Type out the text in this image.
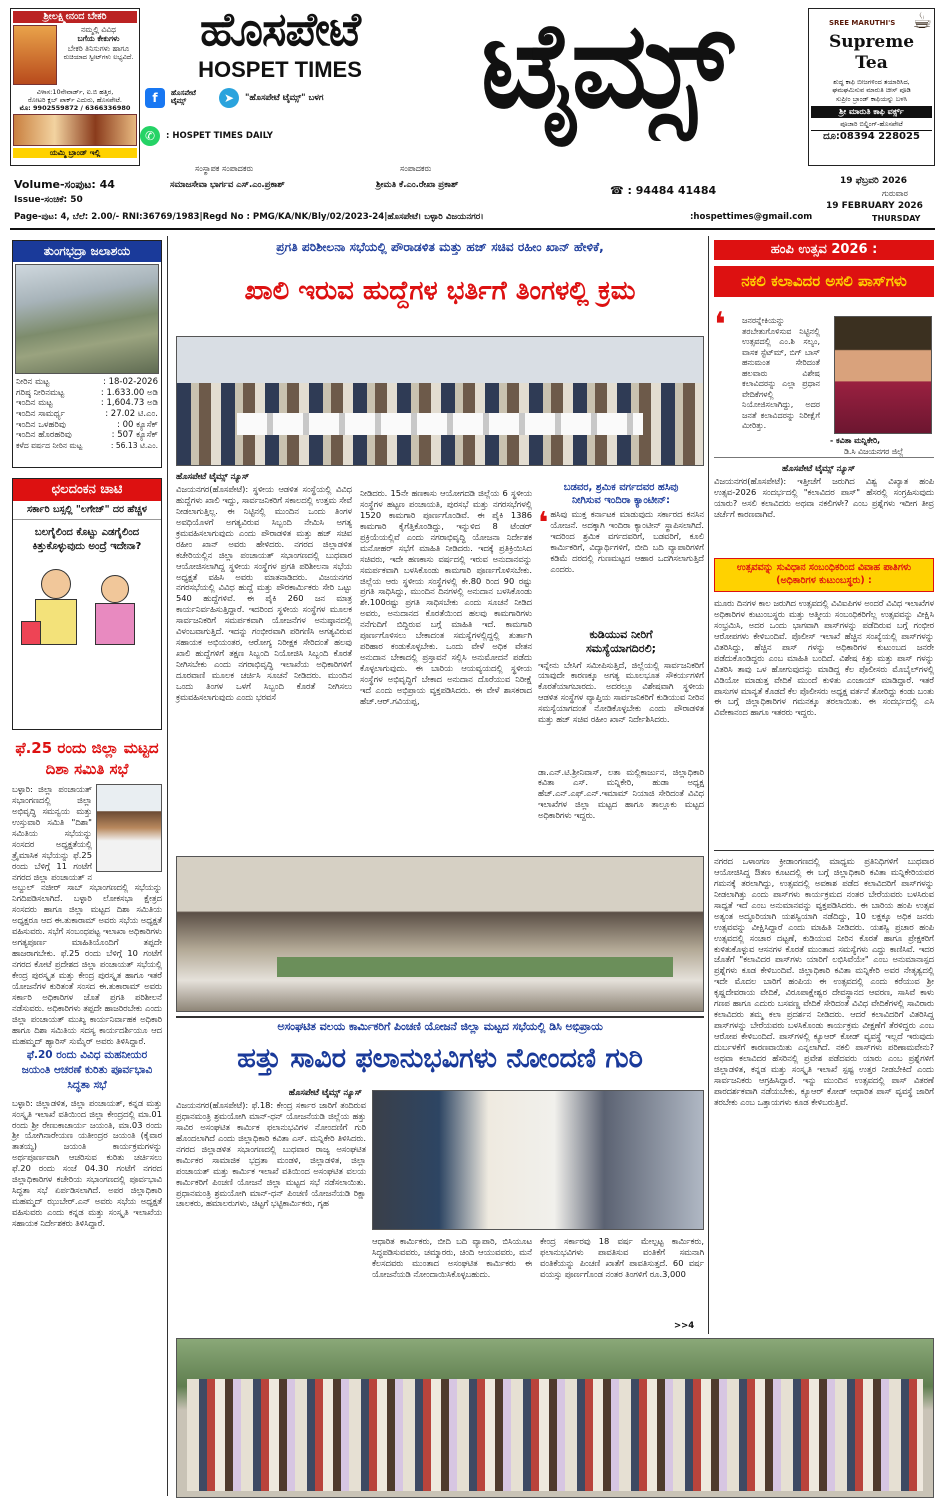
ಶ್ರೀಲಕ್ಷ್ಮೀನಂದ ಬೇಕರಿ
ನಮ್ಮಲ್ಲಿ ವಿವಿಧ
ಬಗೆಯ ಕೇಕುಗಳು
ಬೇಕರಿ ತಿನಿಸುಗಳು ಹಾಗೂ
ರುಚಿಯಾದ ಸ್ವೀಟ್‌ಗಳು ಲಭ್ಯವಿದೆ.
ವಿಳಾಸ:10ನೇವಾರ್ಡ್, ಐ.ಬಿ ಹತ್ತಿರ,
ರೋಟರಿ ಕ್ಲಬ್ ಪಾರ್ಕ್ ಎದುರು, ಹೊಸಪೇಟೆ.
ಮೊ: 9902559872 / 6366336980
ಯಮ್ಮಿ ಬ್ರಾಂಡ್ ಇಲ್ಲಿ
ಹೊಸಪೇಟೆ
HOSPET TIMES
f	ಹೊಸಪೇಟೆ ಟೈಮ್ಸ್	➤	"ಹೊಸಪೇಟೆ ಟೈಮ್ಸ್" ಬಳಗ
✆	: HOSPET TIMES DAILY
ಟೈಮ್ಸ್	☕
SREE MARUTHI'S
Supreme Tea
ಶುದ್ಧ ಕಾಫಿ ಬೀಜಗಳಿಂದ ತಯಾರಿಸಿದ,
ಘಮಘಮಿಸುವ ಮಾರುತಿ ಚೀಸ್ ಪೂಡಿ
ಸುಪ್ರೀಂ ಬ್ರಾಂಡ್ ಕಾಫಿಯನ್ನು ಬಳಸಿ
ಶ್ರೀ ಮಾರುತಿ ಕಾಫಿ ವರ್ಕ್ಸ್
ಪೂಜಾರಿ ಬಿಲ್ಡಿಂಗ್-ಹೊಸಪೇಟೆ
ದೂ:08394 228025
ಸಂಸ್ಥಾಪಕ ಸಂಪಾದಕರು	ಸಂಪಾದಕರು
Volume-ಸಂಪುಟ: 44	ಸಮಾಜಸೇವಾ ಭಾರ್ಗವ ಎಸ್.ಎಂ.ಪ್ರಕಾಶ್	ಶ್ರೀಮತಿ ಕೆ.ಎಂ.ರೇಖಾ ಪ್ರಕಾಶ್	☎ : 94484 41484
19 ಫೆಬ್ರವರಿ 2026
ಗುರುವಾರ
Issue-ಸಂಚಿಕೆ: 50
19 FEBRUARY 2026
THURSDAY
Page-ಪುಟ: 4, ಬೆಲೆ: 2.00/- RNI:36769/1983|Regd No : PMG/KA/NK/Bly/02/2023-24|ಹೊಸಪೇಟೆ। ಬಳ್ಳಾರಿ ವಿಜಯನಗರ।	:hospettimes@gmail.com
ತುಂಗಭದ್ರಾ ಜಲಾಶಯ
ನೀರಿನ ಮಟ್ಟ	: 18-02-2026
ಗರಿಷ್ಠ ನೀರಿನಮಟ್ಟ	: 1.633.00 ಅಡಿ
ಇಂದಿನ ಮಟ್ಟ	: 1,604.73 ಅಡಿ
ಇಂದಿನ ಸಾಮರ್ಥ್ಯ	: 27.02 ಟಿ.ಎಂ.
ಇಂದಿನ ಒಳಹರಿವು	: 00 ಕ್ಯೂಸೆಕ್
ಇಂದಿನ ಹೊರಹರಿವು	: 507 ಕ್ಯೂಸೆಕ್
ಕಳೆದ ವರ್ಷದ ನೀರಿನ ಮಟ್ಟ	: 56.13 ಟಿ.ಎಂ.
ಛಲದಂಕನ ಚಾಟಿ
ಸರ್ಕಾರಿ ಬಸ್ಸಲ್ಲಿ "ಲಗೇಜ್" ದರ ಹೆಚ್ಚಳ
ಬಲಗೈಲಿಂದ ಕೊಟ್ಟು ಎಡಗೈಲಿಂದ ಕಿತ್ತುಕೊಳ್ಳುವುದು ಅಂದ್ರೆ ಇದೇನಾ?
ಫೆ.25 ರಂದು ಜಿಲ್ಲಾ ಮಟ್ಟದ ದಿಶಾ ಸಮಿತಿ ಸಭೆ
ಬಳ್ಳಾರಿ: ಜಿಲ್ಲಾ ಪಂಚಾಯತ್ ಸಭಾಂಗಣದಲ್ಲಿ ಜಿಲ್ಲಾ ಅಭಿವೃದ್ಧಿ ಸಮನ್ವಯ ಮತ್ತು ಉಸ್ತುವಾರಿ ಸಮಿತಿ "ದಿಶಾ" ಸಮಿತಿಯ ಸಭೆಯನ್ನು ಸಂಸದರ ಅಧ್ಯಕ್ಷತೆಯಲ್ಲಿ ತ್ರೈಮಾಸಿಕ ಸಭೆಯನ್ನು ಫೆ.25 ರಂದು ಬೆಳಿಗ್ಗೆ 11 ಗಂಟೆಗೆ ನಗರದ ಜಿಲ್ಲಾ ಪಂಚಾಯತ್ ನ ಅಬ್ದುಲ್ ನಜೀರ್ ಸಾಬ್ ಸಭಾಂಗಣದಲ್ಲಿ ಸಭೆಯನ್ನು ನಿಗದಿಪಡಿಸಲಾಗಿದೆ. ಬಳ್ಳಾರಿ ಲೋಕಸಭಾ ಕ್ಷೇತ್ರದ ಸಂಸದರು ಹಾಗೂ ಜಿಲ್ಲಾ ಮಟ್ಟದ ದಿಶಾ ಸಮಿತಿಯ ಅಧ್ಯಕ್ಷರೂ ಆದ ಈ.ತುಕಾರಾಮ್ ಅವರು ಸಭೆಯ ಅಧ್ಯಕ್ಷತೆ ವಹಿಸುವರು. ಸಭೆಗೆ ಸಂಬಂಧಪಟ್ಟ ಇಲಾಖಾ ಅಧಿಕಾರಿಗಳು ಅಗತ್ಯಪೂರ್ಣ ಮಾಹಿತಿಯೊಂದಿಗೆ ತಪ್ಪದೇ ಹಾಜರಾಗಬೇಕು. ಫೆ.25 ರಂದು ಬೆಳಿಗ್ಗೆ 10 ಗಂಟೆಗೆ ನಗರದ ಕೋಟೆ ಪ್ರದೇಶದ ಜಿಲ್ಲಾ ಪಂಚಾಯತ್ ಸಭೆಯಲ್ಲಿ ಕೇಂದ್ರ ಪುರಸ್ಕೃತ ಮತ್ತು ಕೇಂದ್ರ ಪುರಸ್ಕೃತ ಹಾಗೂ ಇತರೆ ಯೋಜನೆಗಳ ಕುರಿತಂತೆ ಸಂಸದ ಈ.ತುಕಾರಾಮ್ ಅವರು ಸರ್ಕಾರಿ ಅಧಿಕಾರಿಗಳ ಜೊತೆ ಪ್ರಗತಿ ಪರಿಶೀಲನೆ ನಡೆಸುವರು. ಅಧಿಕಾರಿಗಳು ತಪ್ಪದೇ ಹಾಜರಿರಬೇಕು ಎಂದು ಜಿಲ್ಲಾ ಪಂಚಾಯತ್ ಮುಖ್ಯ ಕಾರ್ಯನಿರ್ವಾಹಕ ಅಧಿಕಾರಿ ಹಾಗೂ ದಿಶಾ ಸಮಿತಿಯ ಸದಸ್ಯ ಕಾರ್ಯದರ್ಶಿಯೂ ಆದ ಮಹಮ್ಮದ್ ಹ್ಯಾರಿಸ್ ಸುಮೈರ್ ಅವರು ತಿಳಿಸಿದ್ದಾರೆ.
ಫೆ.20 ರಂದು ವಿವಿಧ ಮಹನೀಯರ ಜಯಂತಿ ಆಚರಣೆ ಕುರಿತು ಪೂರ್ವಭಾವಿ ಸಿದ್ಧತಾ ಸಭೆ
ಬಳ್ಳಾರಿ: ಜಿಲ್ಲಾಡಳಿತ, ಜಿಲ್ಲಾ ಪಂಚಾಯತ್, ಕನ್ನಡ ಮತ್ತು ಸಂಸ್ಕೃತಿ ಇಲಾಖೆ ವತಿಯಿಂದ ಜಿಲ್ಲಾ ಕೇಂದ್ರದಲ್ಲಿ ಮಾ.01 ರಂದು ಶ್ರೀ ರೇಣುಕಾಚಾರ್ಯ ಜಯಂತಿ, ಮಾ.03 ರಂದು ಶ್ರೀ ಯೋಗಿನಾರೇಯಣ ಯತೀಂದ್ರರ ಜಯಂತಿ (ಕೈವಾರ ತಾತಯ್ಯ) ಜಯಂತಿ ಕಾರ್ಯಕ್ರಮಗಳನ್ನು ಅರ್ಥಪೂರ್ಣವಾಗಿ ಆಚರಿಸುವ ಕುರಿತು ಚರ್ಚಿಸಲು ಫೆ.20 ರಂದು ಸಂಜೆ 04.30 ಗಂಟೆಗೆ ನಗರದ ಜಿಲ್ಲಾಧಿಕಾರಿಗಳ ಕಚೇರಿಯ ಸಭಾಂಗಣದಲ್ಲಿ ಪೂರ್ವಭಾವಿ ಸಿದ್ಧತಾ ಸಭೆ ಏರ್ಪಡಿಸಲಾಗಿದೆ. ಅಪರ ಜಿಲ್ಲಾಧಿಕಾರಿ ಮಹಮ್ಮದ್ ಝುಬೇರ್.ಎನ್ ಅವರು ಸಭೆಯ ಅಧ್ಯಕ್ಷತೆ ವಹಿಸುವರು ಎಂದು ಕನ್ನಡ ಮತ್ತು ಸಂಸ್ಕೃತಿ ಇಲಾಖೆಯ ಸಹಾಯಕ ನಿರ್ದೇಶಕರು ತಿಳಿಸಿದ್ದಾರೆ.
ಪ್ರಗತಿ ಪರಿಶೀಲನಾ ಸಭೆಯಲ್ಲಿ ಪೌರಾಡಳಿತ ಮತ್ತು ಹಜ್ ಸಚಿವ ರಹೀಂ ಖಾನ್ ಹೇಳಿಕೆ,
ಖಾಲಿ ಇರುವ ಹುದ್ದೆಗಳ ಭರ್ತಿಗೆ ತಿಂಗಳಲ್ಲಿ ಕ್ರಮ
ಹೊಸಪೇಟೆ ಟೈಮ್ಸ್ ನ್ಯೂಸ್
ವಿಜಯನಗರ(ಹೊಸಪೇಟೆ): ಸ್ಥಳೀಯ ಆಡಳಿತ ಸಂಸ್ಥೆಯಲ್ಲಿ ವಿವಿಧ ಹುದ್ದೆಗಳು ಖಾಲಿ ಇದ್ದು, ಸಾರ್ವಜನಿಕರಿಗೆ ಸಕಾಲದಲ್ಲಿ ಉತ್ತಮ ಸೇವೆ ನೀಡಲಾಗುತ್ತಿಲ್ಲ. ಈ ನಿಟ್ಟಿನಲ್ಲಿ ಮುಂದಿನ ಒಂದು ತಿಂಗಳ ಅವಧಿಯೊಳಗೆ ಅಗತ್ಯವಿರುವ ಸಿಬ್ಬಂದಿ ನೇಮಿಸಿ ಅಗತ್ಯ ಕ್ರಮವಹಿಸಲಾಗುವುದು ಎಂದು ಪೌರಾಡಳಿತ ಮತ್ತು ಹಜ್ ಸಚಿವ ರಹೀಂ ಖಾನ್ ಅವರು ಹೇಳಿದರು. ನಗರದ ಜಿಲ್ಲಾಡಳಿತ ಕಚೇರಿಯಲ್ಲಿನ ಜಿಲ್ಲಾ ಪಂಚಾಯತ್ ಸಭಾಂಗಣದಲ್ಲಿ ಬುಧವಾರ ಆಯೋಜಿಸಲಾಗಿದ್ದ ಸ್ಥಳೀಯ ಸಂಸ್ಥೆಗಳ ಪ್ರಗತಿ ಪರಿಶೀಲನಾ ಸಭೆಯ ಅಧ್ಯಕ್ಷತೆ ವಹಿಸಿ ಅವರು ಮಾತನಾಡಿದರು. ವಿಜಯನಗರ ನಗರಸಭೆಯಲ್ಲಿ ವಿವಿಧ ಹುದ್ದೆ ಮತ್ತು ಪೌರಕಾರ್ಮಿಕರು ಸೇರಿ ಒಟ್ಟು 540 ಹುದ್ದೆಗಳಿವೆ. ಈ ಪೈಕಿ 260 ಜನ ಮಾತ್ರ ಕಾರ್ಯನಿರ್ವಹಿಸುತ್ತಿದ್ದಾರೆ. ಇದರಿಂದ ಸ್ಥಳೀಯ ಸಂಸ್ಥೆಗಳ ಮೂಲಕ ಸಾರ್ವಜನಿಕರಿಗೆ ಸಮರ್ಪಕವಾಗಿ ಯೋಜನೆಗಳ ಅನುಷ್ಠಾನದಲ್ಲಿ ವಿಳಂಬವಾಗುತ್ತಿದೆ. ಇದನ್ನು ಗಂಭೀರವಾಗಿ ಪರಿಗಣಿಸಿ ಅಗತ್ಯವಿರುವ ಸಹಾಯಕ ಅಭಿಯಂತರ, ಆರೋಗ್ಯ ನಿರೀಕ್ಷಕ ಸೇರಿದಂತೆ ಹಲವು ಖಾಲಿ ಹುದ್ದೆಗಳಿಗೆ ತಕ್ಷಣ ಸಿಬ್ಬಂದಿ ನಿಯೋಜಿಸಿ ಸಿಬ್ಬಂದಿ ಕೊರತೆ ನೀಗಿಸಬೇಕು ಎಂದು ನಗರಾಭಿವೃದ್ಧಿ ಇಲಾಖೆಯ ಅಧಿಕಾರಿಗಳಿಗೆ ದೂರವಾಣಿ ಮೂಲಕ ಚರ್ಚಿಸಿ ಸೂಚನೆ ನೀಡಿದರು. ಮುಂದಿನ ಒಂದು ತಿಂಗಳ ಒಳಗೆ ಸಿಬ್ಬಂದಿ ಕೊರತೆ ನೀಗಿಸಲು ಕ್ರಮವಹಿಸಲಾಗುವುದು ಎಂದು ಭರವಸೆ
ನೀಡಿದರು. 15ನೇ ಹಣಕಾಸು ಆಯೋಗದಡಿ ಜಿಲ್ಲೆಯ 6 ಸ್ಥಳೀಯ ಸಂಸ್ಥೆಗಳ ಹಟ್ಟಣ ಪಂಚಾಯತಿ, ಪುರಸಭೆ ಮತ್ತು ನಗರಸಭೆಗಳಲ್ಲಿ 1520 ಕಾಮಗಾರಿ ಪೂರ್ಣಗೊಂಡಿವೆ. ಈ ಪೈಕಿ 1386 ಕಾಮಗಾರಿ ಕೈಗೆತ್ತಿಕೊಂಡಿದ್ದು, ಇನ್ನುಳಿದ 8 ಟೆಂಡರ್ ಪ್ರಕ್ರಿಯೆಯಲ್ಲಿವೆ ಎಂದು ನಗರಾಭಿವೃದ್ಧಿ ಯೋಜನಾ ನಿರ್ದೇಶಕ ಮನೋಹರ್ ಸಭೆಗೆ ಮಾಹಿತಿ ನೀಡಿದರು. ಇದಕ್ಕೆ ಪ್ರತಿಕ್ರಿಯಿಸಿದ ಸಚಿವರು, ಇದೇ ಹಣಕಾಸು ವರ್ಷದಲ್ಲಿ ಇರುವ ಅನುದಾನವನ್ನು ಸಮರ್ಪಕವಾಗಿ ಬಳಸಿಕೊಂಡು ಕಾಮಗಾರಿ ಪೂರ್ಣಗೊಳಿಸಬೇಕು. ಜಿಲ್ಲೆಯ ಆರು ಸ್ಥಳೀಯ ಸಂಸ್ಥೆಗಳಲ್ಲಿ ಕೇ.80 ರಿಂದ 90 ರಷ್ಟು ಪ್ರಗತಿ ಸಾಧಿಸಿದ್ದು, ಮುಂದಿನ ದಿನಗಳಲ್ಲಿ ಅನುದಾನ ಬಳಸಿಕೊಂಡು ಶೇ.100ರಷ್ಟು ಪ್ರಗತಿ ಸಾಧಿಸಬೇಕು ಎಂದು ಸೂಚನೆ ನೀಡಿದ ಅವರು, ಅನುದಾನದ ಕೊರತೆಯಿಂದ ಹಲವು ಕಾಮಗಾರಿಗಳು ನನೆಗುದಿಗೆ ಬಿದ್ದಿರುವ ಬಗ್ಗೆ ಮಾಹಿತಿ ಇದೆ. ಕಾಮಗಾರಿ ಪೂರ್ಣಗೊಳಿಸಲು ಬೇಕಾದಂತ ಸಮಸ್ಯೆಗಳಲ್ಲಿದ್ದಲ್ಲಿ ತುರ್ತಾಗಿ ಪರಿಹಾರ ಕಂಡುಕೊಳ್ಳಬೇಕು. ಒಂದು ವೇಳೆ ಅಧಿಕ ವೇತನ ಅನುದಾನ ಬೇಕಾದಲ್ಲಿ ಪ್ರಸ್ತಾವನೆ ಸಲ್ಲಿಸಿ ಅನುಮೋದನೆ ಪಡೆದು ಕೊಳ್ಳಲಾಗುವುದು. ಈ ಬಾರಿಯ ಆಯವ್ಯಯದಲ್ಲಿ ಸ್ಥಳೀಯ ಸಂಸ್ಥೆಗಳ ಅಭಿವೃದ್ಧಿಗೆ ಬೇಕಾದ ಅನುದಾನ ದೊರೆಯುವ ನಿರೀಕ್ಷೆ ಇದೆ ಎಂದು ಅಭಿಪ್ರಾಯ ವ್ಯಕ್ತಪಡಿಸಿದರು. ಈ ವೇಳೆ ಶಾಸಕರಾದ ಹೆಚ್.ಆರ್.ಗವಿಯಪ್ಪ,
ಬಡವರ, ಶ್ರಮಿಕ ವರ್ಗದವರ ಹಸಿವು
ನೀಗಿಸುವ ಇಂದಿರಾ ಕ್ಯಾಂಟೀನ್:
❛ ಹಸಿವು ಮುಕ್ತ ಕರ್ನಾಟಕ ಮಾಡುವುದು ಸರ್ಕಾರದ ಕನಸಿನ ಯೋಜನೆ. ಅದಕ್ಕಾಗಿ ಇಂದಿರಾ ಕ್ಯಾಂಟೀನ್ ಸ್ಥಾಪಿಸಲಾಗಿದೆ. ಇದರಿಂದ ಶ್ರಮಿಕ ವರ್ಗದವರಿಗೆ, ಬಡವರಿಗೆ, ಕೂಲಿ ಕಾರ್ಮಿಕರಿಗೆ, ವಿದ್ಯಾರ್ಥಿಗಳಿಗೆ, ಬೀದಿ ಬದಿ ವ್ಯಾಪಾರಿಗಳಿಗೆ ಕಡಿಮೆ ದರದಲ್ಲಿ ಗುಣಮಟ್ಟದ ಆಹಾರ ಒದಗಿಸಲಾಗುತ್ತಿದೆ ಎಂದರು.
ಕುಡಿಯುವ ನೀರಿಗೆ
ಸಮಸ್ಯೆಯಾಗದಿರಲಿ;
ಇನ್ನೇನು ಬೇಸಿಗೆ ಸಮೀಪಿಸುತ್ತಿದೆ, ಜಿಲ್ಲೆಯಲ್ಲಿ ಸಾರ್ವಜನಿಕರಿಗೆ ಯಾವುದೇ ಕಾರಣಕ್ಕೂ ಅಗತ್ಯ ಮೂಲಭೂತ ಸೌಕರ್ಯಗಳಿಗೆ ಕೊರತೆಯಾಗಬಾರದು. ಅದರಲ್ಲೂ ವಿಶೇಷವಾಗಿ ಸ್ಥಳೀಯ ಆಡಳಿತ ಸಂಸ್ಥೆಗಳ ವ್ಯಾಪ್ತಿಯ ಸಾರ್ವಜನಿಕರಿಗೆ ಕುಡಿಯುವ ನೀರಿನ ಸಮಸ್ಯೆಯಾಗದಂತೆ ನೋಡಿಕೊಳ್ಳಬೇಕು ಎಂದು ಪೌರಾಡಳಿತ ಮತ್ತು ಹಜ್ ಸಚಿವ ರಹೀಂ ಖಾನ್ ನಿರ್ದೇಶಿಸಿದರು.
ಡಾ.ಎನ್.ಟಿ.ಶ್ರೀನಿವಾಸ್, ಲತಾ ಮಲ್ಲಿಕಾರ್ಜುನ, ಜಿಲ್ಲಾಧಿಕಾರಿ ಕವಿತಾ ಎಸ್. ಮನ್ನಿಕೇರಿ, ಹುಡಾ ಅಧ್ಯಕ್ಷ ಹೆಚ್.ಎನ್.ಎಫ್.ಎನ್.ಇಮಾಮ್ ನಿಯಾಜಿ ಸೇರಿದಂತೆ ವಿವಿಧ ಇಲಾಖೆಗಳ ಜಿಲ್ಲಾ ಮಟ್ಟದ ಹಾಗೂ ತಾಲ್ಲೂಕು ಮಟ್ಟದ ಅಧಿಕಾರಿಗಳು ಇದ್ದರು.
ಅಸಂಘಟಿತ ವಲಯ ಕಾರ್ಮಿಕರಿಗೆ ಪಿಂಚಣಿ ಯೋಜನೆ ಜಿಲ್ಲಾ ಮಟ್ಟದ ಸಭೆಯಲ್ಲಿ ಡಿಸಿ ಅಭಿಪ್ರಾಯ
ಹತ್ತು ಸಾವಿರ ಫಲಾನುಭವಿಗಳು ನೋಂದಣಿ ಗುರಿ
ಹೊಸಪೇಟೆ ಟೈಮ್ಸ್ ನ್ಯೂಸ್
ವಿಜಯನಗರ(ಹೊಸಪೇಟೆ): ಫೆ.18: ಕೇಂದ್ರ ಸರ್ಕಾರ ಜಾರಿಗೆ ತಂದಿರುವ ಪ್ರಧಾನಮಂತ್ರಿ ಶ್ರಮಯೋಗಿ ಮಾನ್-ಧನ್ ಯೋಜನೆಯಡಿ ಜಿಲ್ಲೆಯ ಹತ್ತು ಸಾವಿರ ಅಸಂಘಟಿತ ಕಾರ್ಮಿಕ ಫಲಾನುಭವಿಗಳ ನೋಂದಣಿಗೆ ಗುರಿ ಹೊಂದಲಾಗಿದೆ ಎಂದು ಜಿಲ್ಲಾಧಿಕಾರಿ ಕವಿತಾ ಎಸ್. ಮನ್ನಿಕೇರಿ ತಿಳಿಸಿದರು. ನಗರದ ಜಿಲ್ಲಾಡಳಿತ ಸಭಾಂಗಣದಲ್ಲಿ ಬುಧವಾರ ರಾಜ್ಯ ಅಸಂಘಟಿತ ಕಾರ್ಮಿಕರ ಸಾಮಾಜಿಕ ಭದ್ರತಾ ಮಂಡಳಿ, ಜಿಲ್ಲಾಡಳಿತ, ಜಿಲ್ಲಾ ಪಂಚಾಯತ್ ಮತ್ತು ಕಾರ್ಮಿಕ ಇಲಾಖೆ ವತಿಯಿಂದ ಅಸಂಘಟಿತ ವಲಯ ಕಾರ್ಮಿಕರಿಗೆ ಪಿಂಚಣಿ ಯೋಜನೆ ಜಿಲ್ಲಾ ಮಟ್ಟದ ಸಭೆ ನಡೆಸಲಾಯಿತು. ಪ್ರಧಾನಮಂತ್ರಿ ಶ್ರಮಯೋಗಿ ಮಾನ್-ಧನ್ ಪಿಂಚಣಿ ಯೋಜನೆಯಡಿ ರಿಕ್ಷಾ ಚಾಲಕರು, ಹಮಾಲರುಗಳು, ಚಿಟ್ಟಗೆ ಭಟ್ಟಿಕಾರ್ಮಿಕರು, ಗೃಹ
ಆಧಾರಿತ ಕಾರ್ಮಿಕರು, ಬೀದಿ ಬದಿ ವ್ಯಾಪಾರಿ, ಬಿಸಿಯೂಟ ಸಿದ್ಧಪಡಿಸುವವರು, ಚಮ್ಮಾರರು, ಚಿಂದಿ ಆಯುವವರು, ಮನೆ ಕೆಲಸದವರು ಮುಂತಾದ ಅಸಂಘಟಿತ ಕಾರ್ಮಿಕರು ಈ ಯೋಜನೆಯಡಿ ನೋಂದಾಯಿಸಿಕೊಳ್ಳಬಹುದು.
ಕೇಂದ್ರ ಸರ್ಕಾರವು 18 ವರ್ಷ ಮೇಲ್ಪಟ್ಟ ಕಾರ್ಮಿಕರು, ಫಲಾನುಭವಿಗಳು ಪಾವತಿಸುವ ವಂತಿಕೆಗೆ ಸಮನಾಗಿ ವಂತಿಕೆಯನ್ನು ಪಿಂಚಣಿ ಖಾತೆಗೆ ಪಾವತಿಸುತ್ತದೆ. 60 ವರ್ಷ ವಯಸ್ಸು ಪೂರ್ಣಗೊಂಡ ನಂತರ ತಿಂಗಳಿಗೆ ರೂ.3,000
>>4
ಹಂಪಿ ಉತ್ಸವ 2026 :
ನಕಲಿ ಕಲಾವಿದರ ಅಸಲಿ ಪಾಸ್‌ಗಳು
❛	ಜನರನ್ನೇಕಿಯನ್ನು ತರಬೇತುಗೊಳಿಸುವ ನಿಟ್ಟಿನಲ್ಲಿ ಉತ್ಸವದಲ್ಲಿ ಎಂ.ಶಿ ಸಲ್ಯಂ, ವಾಸಕ ಸ್ಟೆಟ್‌ಮ್, ಬಿಗ್ ಬಾಸ್ ಹನುಮಂತ ಸೇರಿದಂತೆ ಹಲವಾರು ವಿಶೇಷ ಕಲಾವಿದರನ್ನು ಎಲ್ಲಾ ಪ್ರಧಾನ ವೇದಿಕೆಗಳಲ್ಲಿ ನಿಯೋಜಿಸಲಾಗಿದ್ದು, ಅದರ ಜನತೆ ಕಲಾವಿದರನ್ನು ನಿರೀಕ್ಷೆಗೆ ಮೀರಿತ್ತು.
- ಕವಿತಾ ಮನ್ನಿಕೇರಿ,
ಡಿ.ಸಿ ವಿಜಯನಗರ ಜಿಲ್ಲೆ
ಹೊಸಪೇಟೆ ಟೈಮ್ಸ್ ನ್ಯೂಸ್
ವಿಜಯನಗರ(ಹೊಸಪೇಟೆ): ಇತ್ತೀಚೆಗೆ ಜರುಗಿದ ವಿಶ್ವ ವಿಖ್ಯಾತ ಹಂಪಿ ಉತ್ಸವ-2026 ಸಂದರ್ಭದಲ್ಲಿ "ಕಲಾವಿದರ ಪಾಸ್" ಹೆಸರಲ್ಲಿ ಸಂಗ್ರಹಿಸುವುದು ಯಾರು? ಅಸಲಿ ಕಲಾವಿದರು ಅಥವಾ ನಕಲಿಗಳೇ? ಎಂಬ ಪ್ರಶ್ನೆಗಳು ಇದೀಗ ತೀವ್ರ ಚರ್ಚೆಗೆ ಕಾರಣವಾಗಿವೆ.
ಉತ್ಸವವನ್ನು ಸುವಿಧಾನ ಸಂಬಂಧಿಕರಿಂದ ವಿವಾಹ ಪಾತಿಗಳು (ಅಧಿಕಾರಿಗಳ ಕುಟುಂಬಸ್ಥರು) :
ಮೂರು ದಿನಗಳ ಕಾಲ ಜರುಗಿದ ಉತ್ಸವದಲ್ಲಿ ವಿವಿಐಪಿಗಳ ಅಂದರೆ ವಿವಿಧ ಇಲಾಖೆಗಳ ಅಧಿಕಾರಿಗಳ ಕುಟುಂಬಸ್ಥರು ಮತ್ತು ಆತ್ಮೀಯ ಸಂಬಂಧಿಕರಿಗೆಲ್ಲ ಉತ್ಸವವನ್ನು ವೀಕ್ಷಿಸಿ ಸಂಭ್ರಮಿಸಿ, ಅದರ ಒಂದು ಭಾಗವಾಗಿ ಪಾಸ್‌ಗಳನ್ನು ಪಡೆದಿರುವ ಬಗ್ಗೆ ಗಂಭೀರ ಆರೋಪಗಳು ಕೇಳಿಬಂದಿವೆ. ಪೊಲೀಸ್ ಇಲಾಖೆ ಹೆಚ್ಚಿನ ಸಂಖ್ಯೆಯಲ್ಲಿ ಪಾಸ್‌ಗಳನ್ನು ವಿತರಿಸಿದ್ದು, ಹೆಚ್ಚಿನ ಪಾಸ್ ಗಳನ್ನು ಅಧಿಕಾರಿಗಳ ಕುಟುಂಬದ ಜನರೇ ಪಡೆದುಕೊಂಡಿದ್ದರು ಎಂಬ ಮಾಹಿತಿ ಬಂದಿದೆ. ವಿಶೇಷ ಕಿತ್ತು ಮತ್ತು ಪಾಸ್ ಗಳನ್ನು ವಿತರಿಸಿ ತಾವು ಒಳ ಹೋಗುವುದನ್ನು ಮಾಡಿದ್ದ ಕೆಲ ಪೊಲೀಸರು ಮೊಬೈಲ್‌ಗಳಲ್ಲಿ ವಿಡಿಯೋ ಮಾಡುತ್ತ ವೇದಿಕೆ ಮುಂದೆ ಕುಳಿತು ಎಂಜಾಯ್ ಮಾಡಿದ್ದಾರೆ. ಇತರೆ ಪಾಸುಗಳ ಮಾನ್ಯತೆ ಕೊಡದೆ ಕೆಲ ಪೊಲೀಸರು ಅಧ್ಯಕ್ಷ ವರ್ತನೆ ತೋರಿದ್ದು ಕಂಡು ಬಂತು ಈ ಬಗ್ಗೆ ಜಿಲ್ಲಾಧಿಕಾರಿಗಳ ಗಮನಕ್ಕೂ ತರಲಾಯಿತು. ಈ ಸಂದರ್ಭದಲ್ಲಿ ಎಸಿ ವಿವೇಕಾನಂದ ಹಾಗೂ ಇತರರು ಇದ್ದರು.
ನಗರದ ಒಳಾಂಗಣ ಕ್ರೀಡಾಂಗಣದಲ್ಲಿ ಮಾಧ್ಯಮ ಪ್ರತಿನಿಧಿಗಳಿಗೆ ಬುಧವಾರ ಆಯೋಜಿಸಿದ್ದ ಔತಣ ಕೂಟದಲ್ಲಿ ಈ ಬಗ್ಗೆ ಜಿಲ್ಲಾಧಿಕಾರಿ ಕವಿತಾ ಮನ್ನಿಕೇರಿಯವರ ಗಮನಕ್ಕೆ ತರಲಾಗಿದ್ದು, ಉತ್ಸವದಲ್ಲಿ ಅವಕಾಶ ಪಡೆದ ಕಲಾವಿದರಿಗೆ ಪಾಸ್‌ಗಳನ್ನು ನೀಡಲಾಗಿತ್ತು ಎಂದು ಪಾಸ್‌ಗಳು ಕಾರ್ಯಕ್ರಮದ ನಂತರ ಬೇರೆಯವರು ಬಳಸಿರುವ ಸಾಧ್ಯತೆ ಇದೆ ಎಂಬ ಅನುಮಾನವನ್ನು ವ್ಯಕ್ತಪಡಿಸಿದರು. ಈ ಬಾರಿಯ ಹಂಪಿ ಉತ್ಸವ ಅತ್ಯಂತ ಅದ್ಧೂರಿಯಾಗಿ ಯಶಸ್ವಿಯಾಗಿ ನಡೆದಿದ್ದು, 10 ಲಕ್ಷಕ್ಕೂ ಅಧಿಕ ಜನರು ಉತ್ಸವವನ್ನು ವೀಕ್ಷಿಸಿದ್ದಾರೆ ಎಂದು ಮಾಹಿತಿ ನೀಡಿದರು. ಯಶಸ್ವಿ ಪ್ರಚಾರ ಹಂಪಿ ಉತ್ಸವದಲ್ಲಿ ಸಂಚಾರ ದಟ್ಟಣೆ, ಕುಡಿಯುವ ನೀರಿನ ಕೊರತೆ ಹಾಗೂ ಪ್ರೇಕ್ಷಕರಿಗೆ ಕುಳಿತುಕೊಳ್ಳುವ ಆಸನಗಳ ಕೊರತೆ ಮುಂತಾದ ಸಮಸ್ಯೆಗಳು ಎದ್ದು ಕಾಣಿಸಿವೆ. ಇದರ ಜೊತೆಗೆ "ಕಲಾವಿದರ ಪಾಸ್‌ಗಳು ಯಾರಿಗೆ ಲಭಿಸಿವೆಯೇ" ಎಂಬ ಅನುಮಾನಾಸ್ಪದ ಪ್ರಶ್ನೆಗಳು ಕೂಡ ಕೇಳಿಬಂದಿವೆ. ಜಿಲ್ಲಾಧಿಕಾರಿ ಕವಿತಾ ಮನ್ನಿಕೇರಿ ಅವರ ನೇತೃತ್ವದಲ್ಲಿ ಇದೇ ಮೊದಲ ಬಾರಿಗೆ ಹಂಪಿಯ ಈ ಉತ್ಸವದಲ್ಲಿ ಎಂದು ಕರೆಯುವ ಶ್ರೀ ಕೃಷ್ಣದೇವರಾಯ ವೇದಿಕೆ, ವಿರೂಪಾಕ್ಷೇಶ್ವರ ದೇವಸ್ಥಾನದ ಆವರಣ, ಸಾಸಿವೆ ಕಾಳು ಗಣಪ ಹಾಗೂ ಎದುರು ಬಸವಣ್ಣ ವೇದಿಕೆ ಸೇರಿದಂತೆ ವಿವಿಧ ವೇದಿಕೆಗಳಲ್ಲಿ ಸಾವಿರಾರು ಕಲಾವಿದರು ತಮ್ಮ ಕಲಾ ಪ್ರದರ್ಶನ ನೀಡಿದರು. ಆದರೆ ಕಲಾವಿದರಿಗೆ ವಿತರಿಸಿದ್ದ ಪಾಸ್‌ಗಳನ್ನು ಬೇರೆಯವರು ಬಳಸಿಕೊಂಡು ಕಾರ್ಯಕ್ರಮ ವೀಕ್ಷಣೆಗೆ ತೆರಳಿದ್ದರು ಎಂಬ ಆರೋಪ ಕೇಳಿಬಂದಿದೆ. ಪಾಸ್‌ಗಳಲ್ಲಿ ಕ್ಯೂಆರ್ ಕೋಡ್ ವ್ಯವಸ್ಥೆ ಇಲ್ಲದೆ ಇರುವುದು ದುರ್ಬಳಕೆಗೆ ಕಾರಣವಾಯಿತು ಎನ್ನಲಾಗಿದೆ. ನಕಲಿ ಪಾಸ್‌ಗಳು ಪರಿಣಾಮವೇನು? ಅಥವಾ ಕಲಾವಿದರ ಹೆಸರಿನಲ್ಲಿ ಪ್ರವೇಶ ಪಡೆದವರು ಯಾರು ಎಂಬ ಪ್ರಶ್ನೆಗಳಿಗೆ ಜಿಲ್ಲಾಡಳಿತ, ಕನ್ನಡ ಮತ್ತು ಸಂಸ್ಕೃತಿ ಇಲಾಖೆ ಸ್ಪಷ್ಟ ಉತ್ತರ ನೀಡಬೇಕಿದೆ ಎಂದು ಸಾರ್ವಜನಿಕರು ಆಗ್ರಹಿಸಿದ್ದಾರೆ. ಇನ್ನು ಮುಂದಿನ ಉತ್ಸವದಲ್ಲಿ ಪಾಸ್ ವಿತರಣೆ ಪಾರದರ್ಶಕವಾಗಿ ನಡೆಯಬೇಕು, ಕ್ಯೂಆರ್ ಕೋಡ್ ಆಧಾರಿತ ಪಾಸ್ ವ್ಯವಸ್ಥೆ ಜಾರಿಗೆ ತರಬೇಕು ಎಂಬ ಒತ್ತಾಯಗಳು ಕೂಡ ಕೇಳಿಬರುತ್ತಿವೆ.
